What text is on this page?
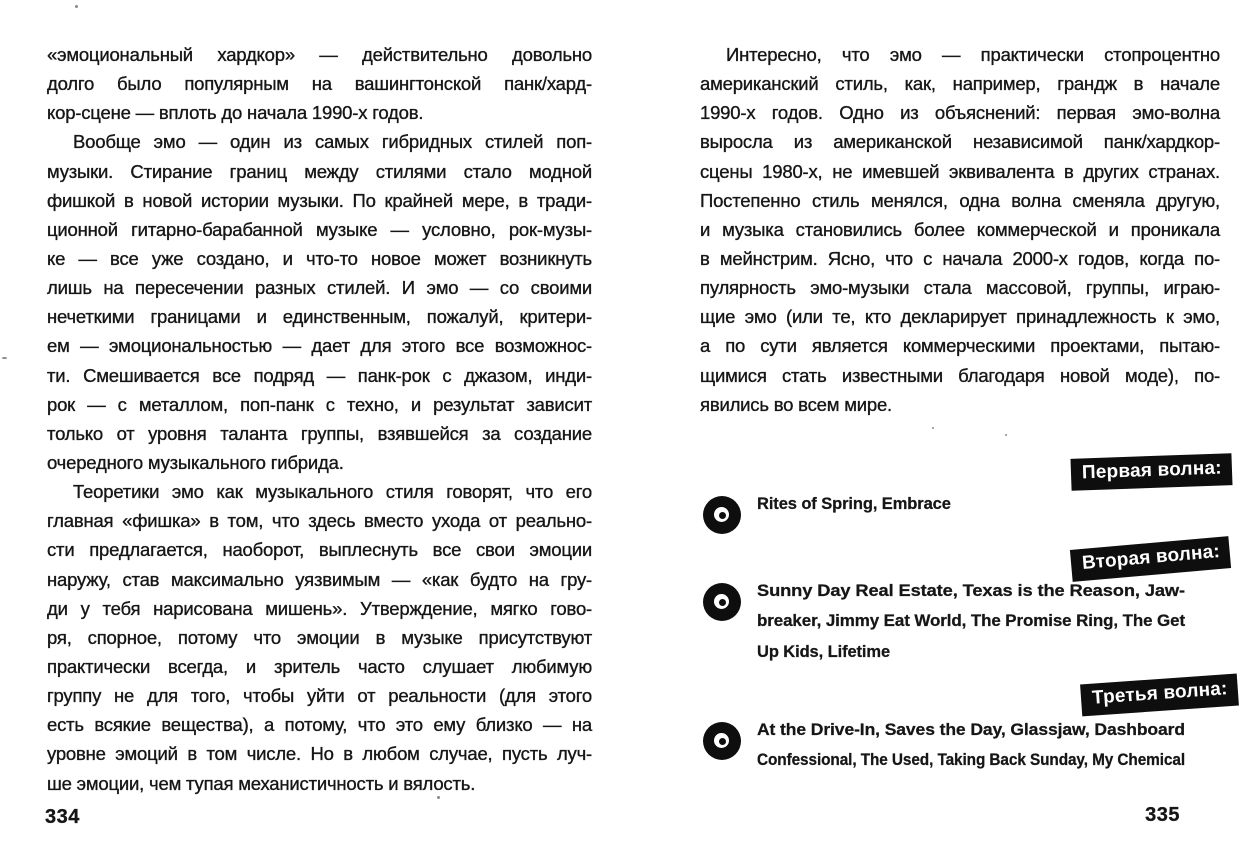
«эмоциональный хардкор» — действительно довольно
долго было популярным на вашингтонской панк/хард-
кор-сцене — вплоть до начала 1990-х годов.
Вообще эмо — один из самых гибридных стилей поп-
музыки. Стирание границ между стилями стало модной
фишкой в новой истории музыки. По крайней мере, в тради-
ционной гитарно-барабанной музыке — условно, рок-музы-
ке — все уже создано, и что-то новое может возникнуть
лишь на пересечении разных стилей. И эмо — со своими
нечеткими границами и единственным, пожалуй, критери-
ем — эмоциональностью — дает для этого все возможнос-
ти. Смешивается все подряд — панк-рок с джазом, инди-
рок — с металлом, поп-панк с техно, и результат зависит
только от уровня таланта группы, взявшейся за создание
очередного музыкального гибрида.
Теоретики эмо как музыкального стиля говорят, что его
главная «фишка» в том, что здесь вместо ухода от реально-
сти предлагается, наоборот, выплеснуть все свои эмоции
наружу, став максимально уязвимым — «как будто на гру-
ди у тебя нарисована мишень». Утверждение, мягко гово-
ря, спорное, потому что эмоции в музыке присутствуют
практически всегда, и зритель часто слушает любимую
группу не для того, чтобы уйти от реальности (для этого
есть всякие вещества), а потому, что это ему близко — на
уровне эмоций в том числе. Но в любом случае, пусть луч-
ше эмоции, чем тупая механистичность и вялость.
334
Интересно, что эмо — практически стопроцентно
американский стиль, как, например, грандж в начале
1990-х годов. Одно из объяснений: первая эмо-волна
выросла из американской независимой панк/хардкор-
сцены 1980-х, не имевшей эквивалента в других странах.
Постепенно стиль менялся, одна волна сменяла другую,
и музыка становились более коммерческой и проникала
в мейнстрим. Ясно, что с начала 2000-х годов, когда по-
пулярность эмо-музыки стала массовой, группы, играю-
щие эмо (или те, кто декларирует принадлежность к эмо,
а по сути является коммерческими проектами, пытаю-
щимися стать известными благодаря новой моде), по-
явились во всем мире.
Первая волна:
Rites of Spring, Embrace
Вторая волна:
Sunny Day Real Estate, Texas is the Reason, Jaw-
breaker, Jimmy Eat World, The Promise Ring, The Get
Up Kids, Lifetime
Третья волна:
At the Drive-In, Saves the Day, Glassjaw, Dashboard
Confessional, The Used, Taking Back Sunday, My Chemical
335
